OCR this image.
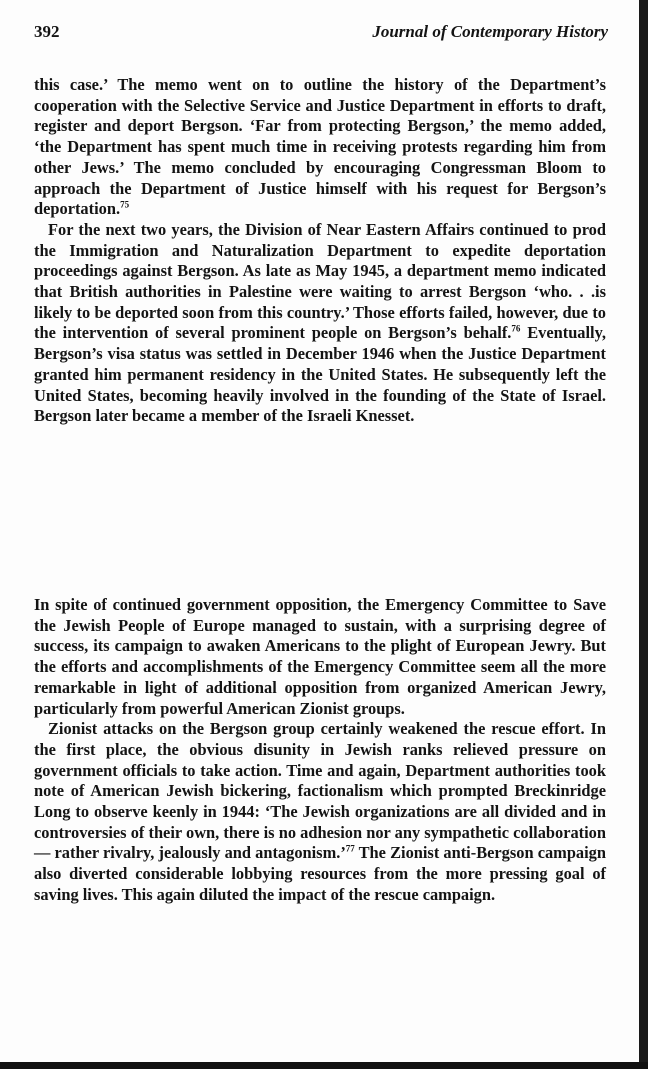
392	Journal of Contemporary History

this case.’ The memo went on to outline the history of the Department’s cooperation with the Selective Service and Justice Department in efforts to draft, register and deport Bergson. ‘Far from protecting Bergson,’ the memo added, ‘the Department has spent much time in receiving protests regarding him from other Jews.’ The memo concluded by encouraging Congressman Bloom to approach the Department of Justice himself with his request for Bergson’s deportation.$^{75}$

For the next two years, the Division of Near Eastern Affairs continued to prod the Immigration and Naturalization Department to expedite deportation proceedings against Bergson. As late as May 1945, a department memo indicated that British authorities in Palestine were waiting to arrest Bergson ‘who. . .is likely to be deported soon from this country.’ Those efforts failed, however, due to the intervention of several prominent people on Bergson’s behalf.$^{76}$ Eventually, Bergson’s visa status was settled in December 1946 when the Justice Department granted him permanent residency in the United States. He subsequently left the United States, becoming heavily involved in the founding of the State of Israel. Bergson later became a member of the Israeli Knesset.

In spite of continued government opposition, the Emergency Committee to Save the Jewish People of Europe managed to sustain, with a surprising degree of success, its campaign to awaken Americans to the plight of European Jewry. But the efforts and accomplishments of the Emergency Committee seem all the more remarkable in light of additional opposition from organized American Jewry, particularly from powerful American Zionist groups.

Zionist attacks on the Bergson group certainly weakened the rescue effort. In the first place, the obvious disunity in Jewish ranks relieved pressure on government officials to take action. Time and again, Department authorities took note of American Jewish bickering, factionalism which prompted Breckinridge Long to observe keenly in 1944: ‘The Jewish organizations are all divided and in controversies of their own, there is no adhesion nor any sympathetic collaboration — rather rivalry, jealously and antagonism.’$^{77}$ The Zionist anti-Bergson campaign also diverted considerable lobbying resources from the more pressing goal of saving lives. This again diluted the impact of the rescue campaign.
